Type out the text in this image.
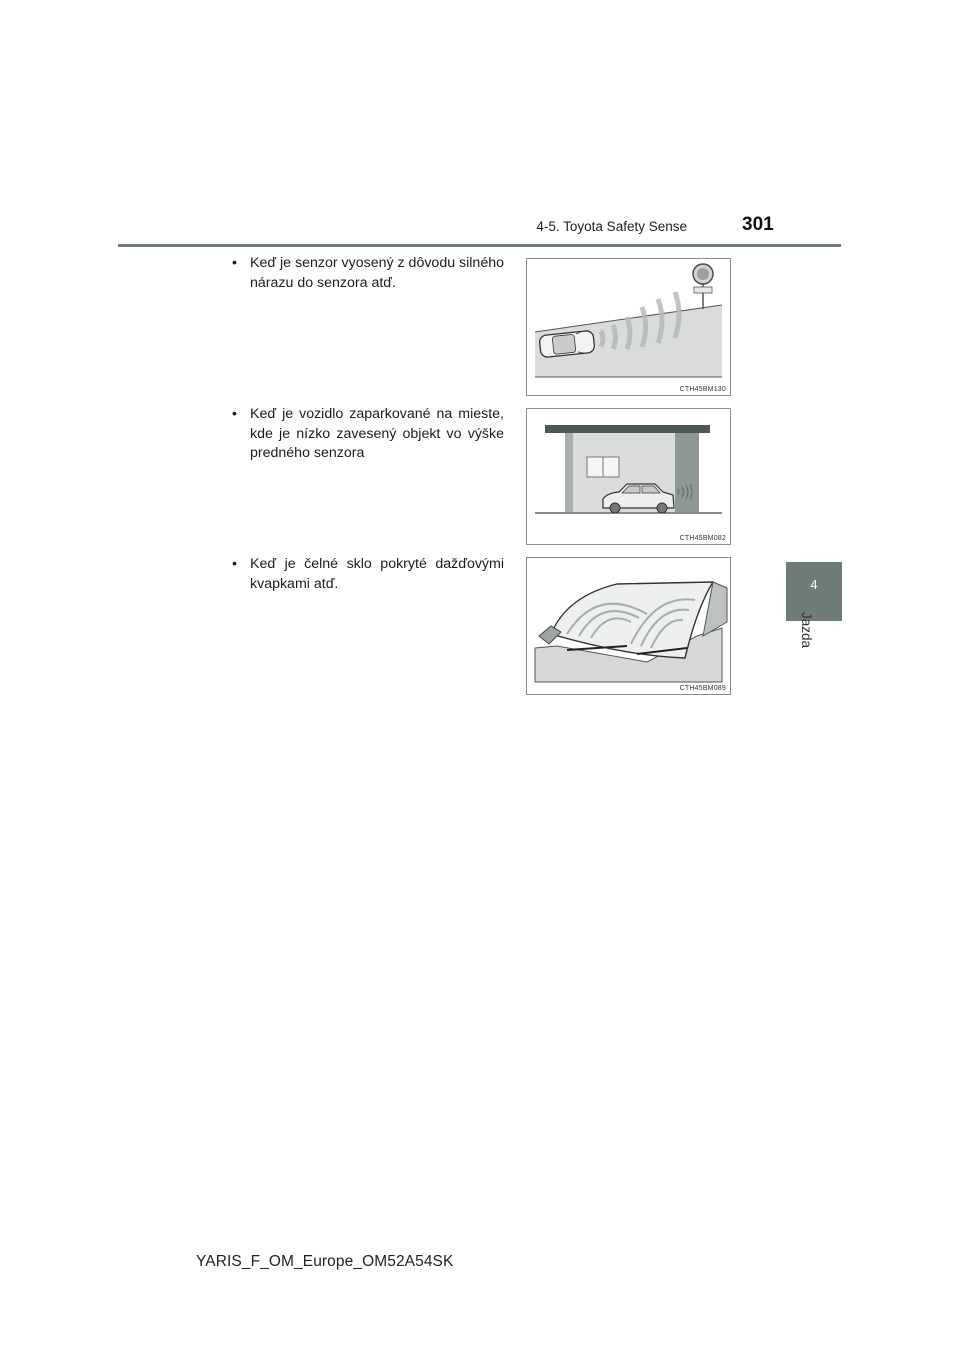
4-5. Toyota Safety Sense	301
• Keď je senzor vyosený z dôvodu silného nárazu do senzora atď.
CTH45BM130
• Keď je vozidlo zaparkované na mieste, kde je nízko zavesený objekt vo výške predného senzora
CTH45BM082
• Keď je čelné sklo pokryté dažďovými kvapkami atď.
CTH45BM089
4
Jazda
YARIS_F_OM_Europe_OM52A54SK
